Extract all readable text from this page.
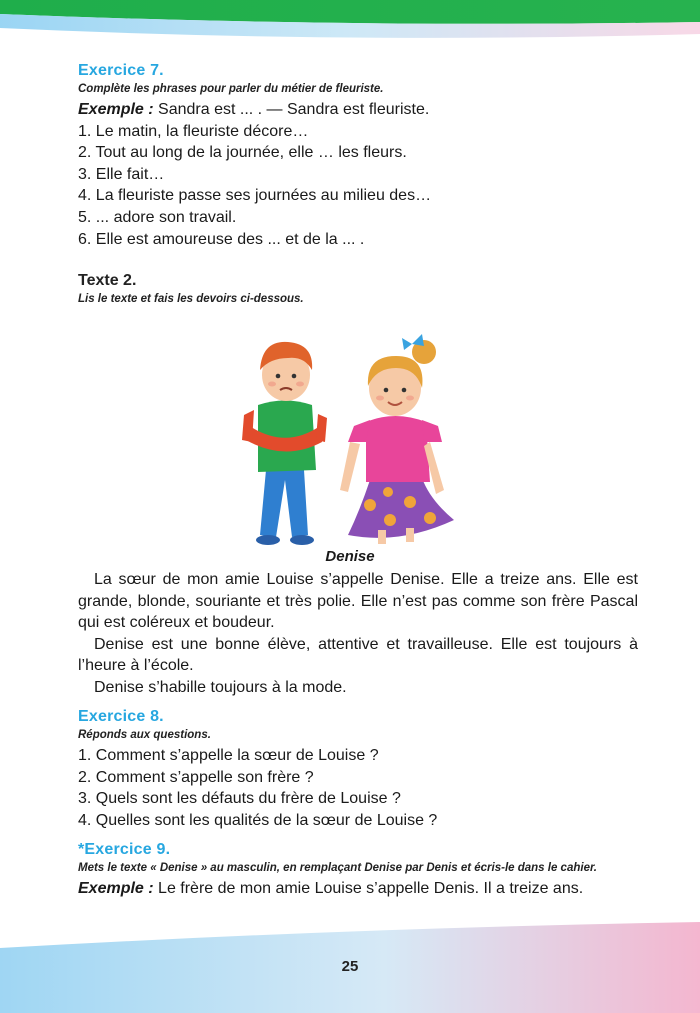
Exercice 7.

Complète les phrases pour parler du métier de fleuriste.

Exemple : Sandra est ... . — Sandra est fleuriste.

1. Le matin, la fleuriste décore…

2. Tout au long de la journée, elle … les fleurs.

3. Elle fait…

4. La fleuriste passe ses journées au milieu des…

5. ... adore son travail.

6. Elle est amoureuse des ... et de la ... .

Texte 2.

Lis le texte et fais les devoirs ci-dessous.

Denise

La sœur de mon amie Louise s’appelle Denise. Elle a treize ans. Elle est grande, blonde, souriante et très polie. Elle n’est pas comme son frère Pascal qui est coléreux et boudeur.

Denise est une bonne élève, attentive et travailleuse. Elle est toujours à l’heure à l’école.

Denise s’habille toujours à la mode.

Exercice 8.

Réponds aux questions.

1. Comment s’appelle la sœur de Louise ?

2. Comment s’appelle son frère ?

3. Quels sont les défauts du frère de Louise ?

4. Quelles sont les qualités de la sœur de Louise ?

*Exercice 9.

Mets le texte « Denise » au masculin, en remplaçant Denise par Denis et écris-le dans le cahier.

Exemple : Le frère de mon amie Louise s’appelle Denis. Il a treize ans.

25
